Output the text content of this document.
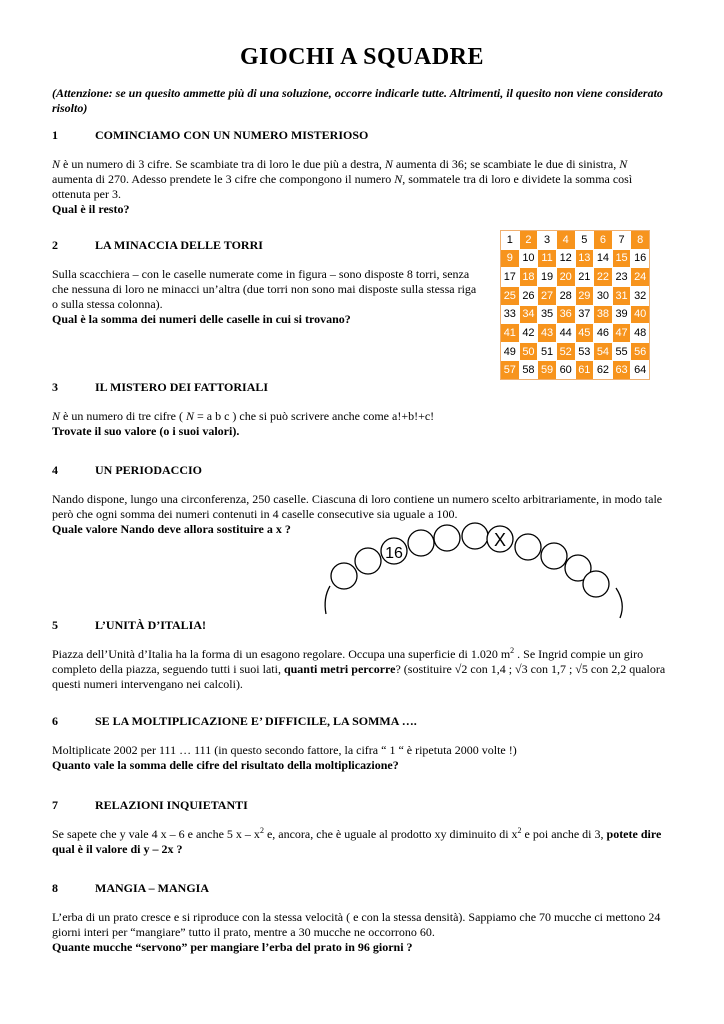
GIOCHI A SQUADRE

(Attenzione: se un quesito ammette più di una soluzione, occorre indicarle tutte. Altrimenti, il quesito non viene considerato risolto)

1	COMINCIAMO CON UN NUMERO MISTERIOSO

N è un numero di 3 cifre. Se scambiate tra di loro le due più a destra, N aumenta di 36; se scambiate le due di sinistra, N aumenta di 270. Adesso prendete le 3 cifre che compongono il numero N, sommatele tra di loro e dividete la somma così ottenuta per 3.

Qual è il resto?

2	LA MINACCIA DELLE TORRI

Sulla scacchiera – con le caselle numerate come in figura – sono disposte 8 torri, senza che nessuna di loro ne minacci un’altra (due torri non sono mai disposte sulla stessa riga o sulla stessa colonna).

Qual è la somma dei numeri delle caselle in cui si trovano?

1	2	3	4	5	6	7	8
9 10 11 12 13 14 15 16
17 18 19 20 21 22 23 24
25 26 27 28 29 30 31 32
33 34 35 36 37 38 39 40
41 42 43 44 45 46 47 48
49 50 51 52 53 54 55 56
57 58 59 60 61 62 63 64
3	IL MISTERO DEI FATTORIALI

N è un numero di tre cifre ( N = a b c ) che si può scrivere anche come a!+b!+c!

Trovate il suo valore (o i suoi valori).

4	UN PERIODACCIO

Nando dispone, lungo una circonferenza, 250 caselle. Ciascuna di loro contiene un numero scelto arbitrariamente, in modo tale però che ogni somma dei numeri contenuti in 4 caselle consecutive sia uguale a 100.

Quale valore Nando deve allora sostituire a x ?

16
X
5	L’UNITÀ D’ITALIA!

Piazza dell’Unità d’Italia ha la forma di un esagono regolare. Occupa una superficie di 1.020 $m^2$ . Se Ingrid compie un giro completo della piazza, seguendo tutti i suoi lati, quanti metri percorre? (sostituire √2 con 1,4 ; √3 con 1,7 ; √5 con 2,2 qualora questi numeri intervengano nei calcoli).

6	SE LA MOLTIPLICAZIONE E’ DIFFICILE, LA SOMMA ….

Moltiplicate 2002 per 111 … 111 (in questo secondo fattore, la cifra “ 1 “ è ripetuta 2000 volte !)

Quanto vale la somma delle cifre del risultato della moltiplicazione?

7	RELAZIONI INQUIETANTI

Se sapete che y vale 4 x – 6 e anche 5 x – $x^2$ e, ancora, che è uguale al prodotto xy diminuito di $x^2$ e poi anche di 3, potete dire qual è il valore di y – 2x ?

8	MANGIA – MANGIA

L’erba di un prato cresce e si riproduce con la stessa velocità ( e con la stessa densità). Sappiamo che 70 mucche ci mettono 24 giorni interi per “mangiare” tutto il prato, mentre a 30 mucche ne occorrono 60.

Quante mucche “servono” per mangiare l’erba del prato in 96 giorni ?
